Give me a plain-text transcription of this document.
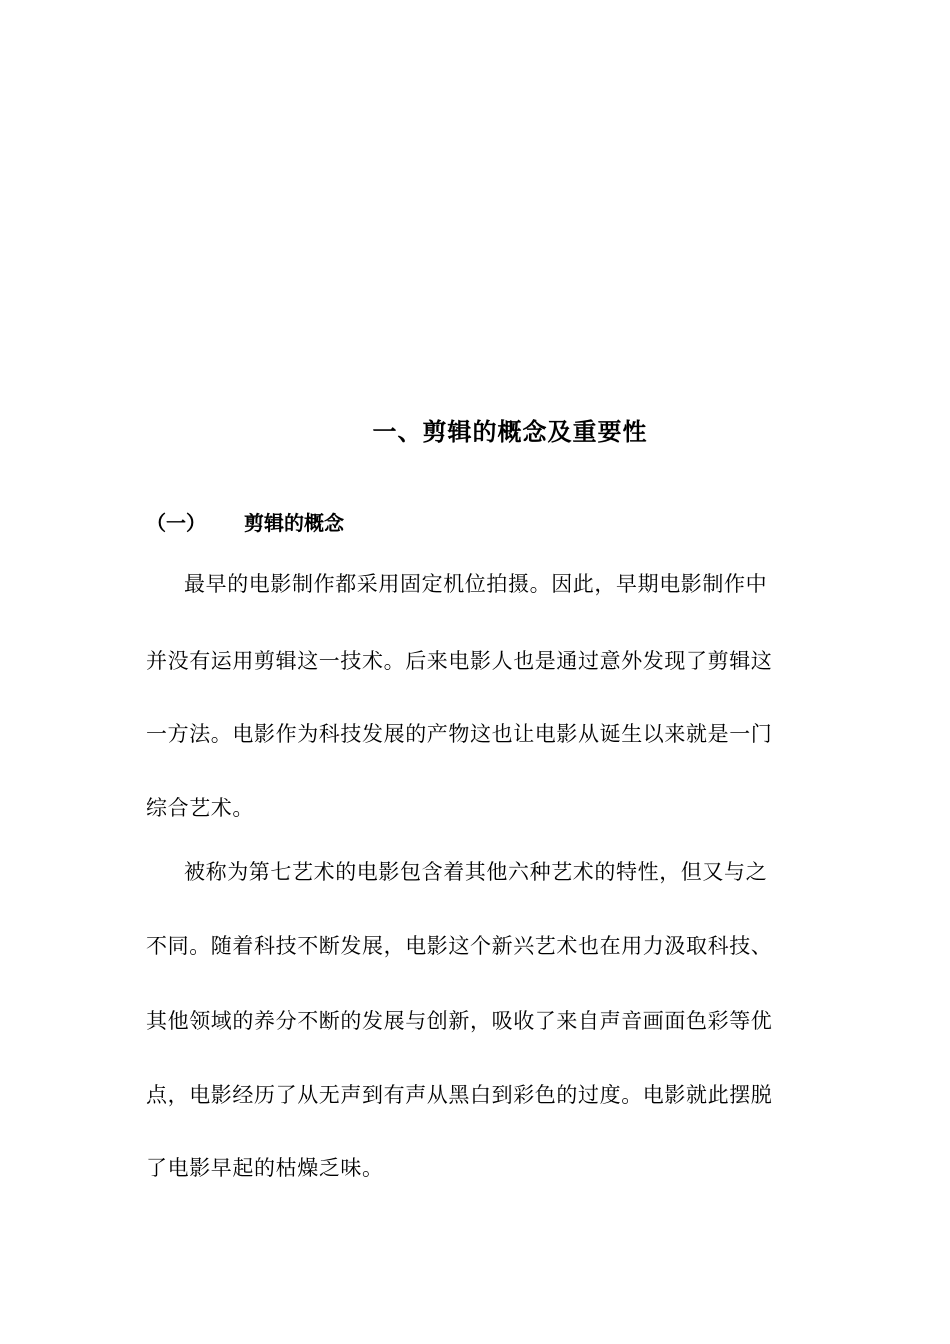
一、剪辑的概念及重要性
（一） 剪辑的概念
最早的电影制作都采用固定机位拍摄。因此，早期电影制作中
并没有运用剪辑这一技术。后来电影人也是通过意外发现了剪辑这
一方法。电影作为科技发展的产物这也让电影从诞生以来就是一门
综合艺术。
被称为第七艺术的电影包含着其他六种艺术的特性，但又与之
不同。随着科技不断发展，电影这个新兴艺术也在用力汲取科技、
其他领域的养分不断的发展与创新，吸收了来自声音画面色彩等优
点，电影经历了从无声到有声从黑白到彩色的过度。电影就此摆脱
了电影早起的枯燥乏味。
